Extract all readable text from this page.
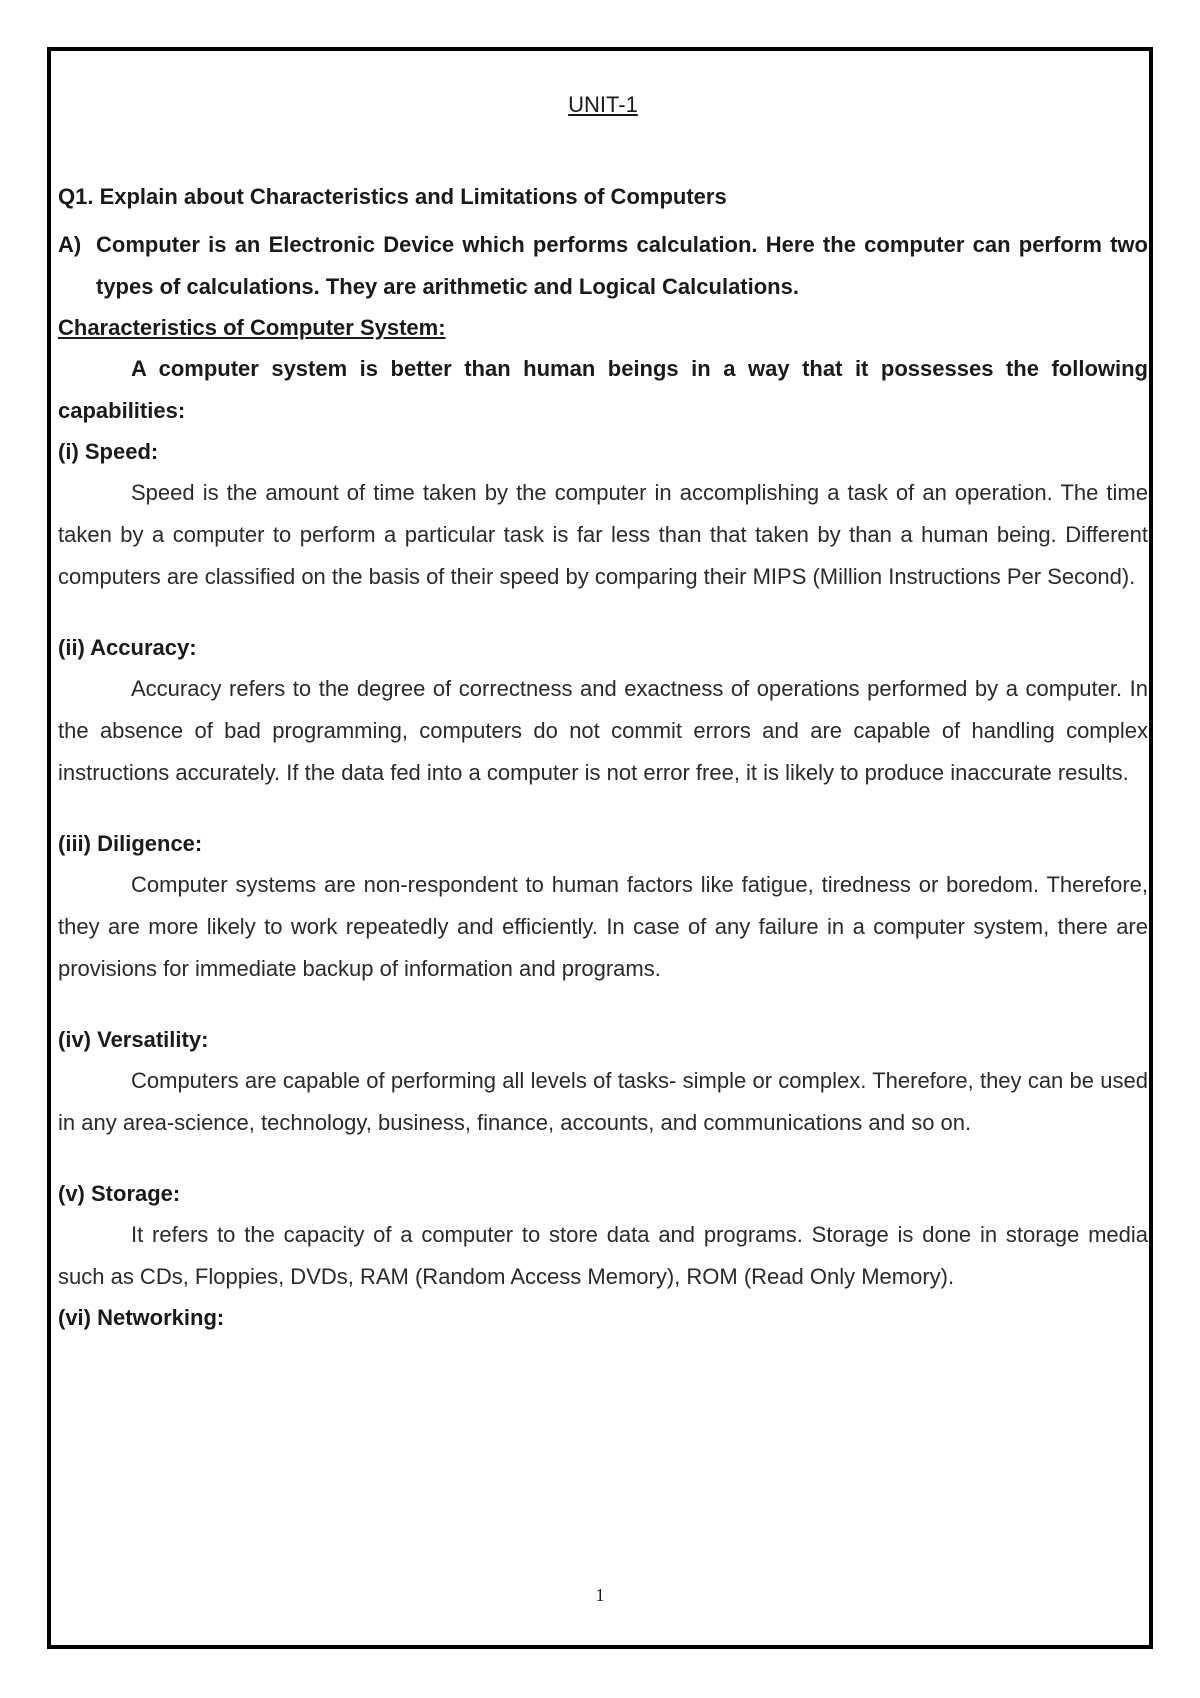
UNIT-1

Q1. Explain about Characteristics and Limitations of Computers

A) Computer is an Electronic Device which performs calculation. Here the computer can perform two types of calculations. They are arithmetic and Logical Calculations.

Characteristics of Computer System:

A computer system is better than human beings in a way that it possesses the following capabilities:

(i) Speed:

Speed is the amount of time taken by the computer in accomplishing a task of an operation. The time taken by a computer to perform a particular task is far less than that taken by than a human being. Different computers are classified on the basis of their speed by comparing their MIPS (Million Instructions Per Second).

(ii) Accuracy:

Accuracy refers to the degree of correctness and exactness of operations performed by a computer. In the absence of bad programming, computers do not commit errors and are capable of handling complex instructions accurately. If the data fed into a computer is not error free, it is likely to produce inaccurate results.

(iii) Diligence:

Computer systems are non-respondent to human factors like fatigue, tiredness or boredom. Therefore, they are more likely to work repeatedly and efficiently. In case of any failure in a computer system, there are provisions for immediate backup of information and programs.

(iv) Versatility:

Computers are capable of performing all levels of tasks- simple or complex. Therefore, they can be used in any area-science, technology, business, finance, accounts, and communications and so on.

(v) Storage:

It refers to the capacity of a computer to store data and programs. Storage is done in storage media such as CDs, Floppies, DVDs, RAM (Random Access Memory), ROM (Read Only Memory).

(vi) Networking:

1
